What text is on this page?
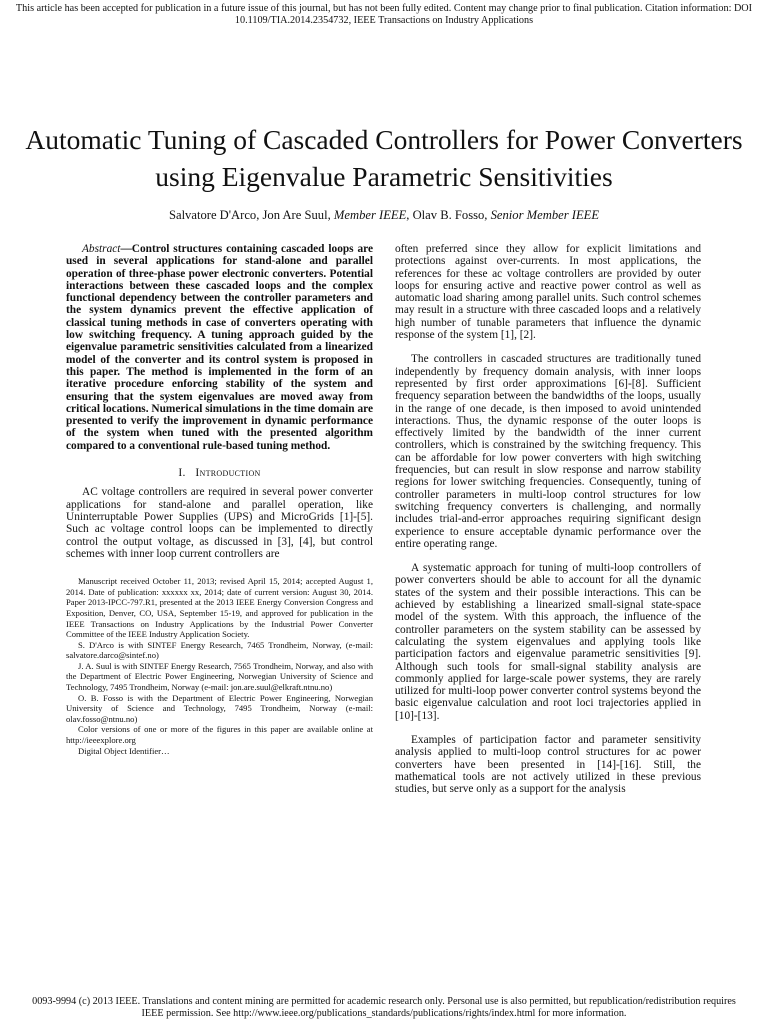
This article has been accepted for publication in a future issue of this journal, but has not been fully edited. Content may change prior to final publication. Citation information: DOI 10.1109/TIA.2014.2354732, IEEE Transactions on Industry Applications
Automatic Tuning of Cascaded Controllers for Power Converters using Eigenvalue Parametric Sensitivities
Salvatore D'Arco, Jon Are Suul, Member IEEE, Olav B. Fosso, Senior Member IEEE

Abstract—Control structures containing cascaded loops are used in several applications for stand-alone and parallel operation of three-phase power electronic converters. Potential interactions between these cascaded loops and the complex functional dependency between the controller parameters and the system dynamics prevent the effective application of classical tuning methods in case of converters operating with low switching frequency. A tuning approach guided by the eigenvalue parametric sensitivities calculated from a linearized model of the converter and its control system is proposed in this paper. The method is implemented in the form of an iterative procedure enforcing stability of the system and ensuring that the system eigenvalues are moved away from critical locations. Numerical simulations in the time domain are presented to verify the improvement in dynamic performance of the system when tuned with the presented algorithm compared to a conventional rule-based tuning method.

I. Introduction

AC voltage controllers are required in several power converter applications for stand-alone and parallel operation, like Uninterruptable Power Supplies (UPS) and MicroGrids [1]-[5]. Such ac voltage control loops can be implemented to directly control the output voltage, as discussed in [3], [4], but control schemes with inner loop current controllers are

Manuscript received October 11, 2013; revised April 15, 2014; accepted August 1, 2014. Date of publication: xxxxxx xx, 2014; date of current version: August 30, 2014. Paper 2013-IPCC-797.R1, presented at the 2013 IEEE Energy Conversion Congress and Exposition, Denver, CO, USA, September 15-19, and approved for publication in the IEEE Transactions on Industry Applications by the Industrial Power Converter Committee of the IEEE Industry Application Society.

S. D'Arco is with SINTEF Energy Research, 7465 Trondheim, Norway, (e-mail: salvatore.darco@sintef.no)

J. A. Suul is with SINTEF Energy Research, 7565 Trondheim, Norway, and also with the Department of Electric Power Engineering, Norwegian University of Science and Technology, 7495 Trondheim, Norway (e-mail: jon.are.suul@elkraft.ntnu.no)

O. B. Fosso is with the Department of Electric Power Engineering, Norwegian University of Science and Technology, 7495 Trondheim, Norway (e-mail: olav.fosso@ntnu.no)

Color versions of one or more of the figures in this paper are available online at http://ieeexplore.org

Digital Object Identifier…

often preferred since they allow for explicit limitations and protections against over-currents. In most applications, the references for these ac voltage controllers are provided by outer loops for ensuring active and reactive power control as well as automatic load sharing among parallel units. Such control schemes may result in a structure with three cascaded loops and a relatively high number of tunable parameters that influence the dynamic response of the system [1], [2].

The controllers in cascaded structures are traditionally tuned independently by frequency domain analysis, with inner loops represented by first order approximations [6]-[8]. Sufficient frequency separation between the bandwidths of the loops, usually in the range of one decade, is then imposed to avoid unintended interactions. Thus, the dynamic response of the outer loops is effectively limited by the bandwidth of the inner current controllers, which is constrained by the switching frequency. This can be affordable for low power converters with high switching frequencies, but can result in slow response and narrow stability regions for lower switching frequencies. Consequently, tuning of controller parameters in multi-loop control structures for low switching frequency converters is challenging, and normally includes trial-and-error approaches requiring significant design experience to ensure acceptable dynamic performance over the entire operating range.

A systematic approach for tuning of multi-loop controllers of power converters should be able to account for all the dynamic states of the system and their possible interactions. This can be achieved by establishing a linearized small-signal state-space model of the system. With this approach, the influence of the controller parameters on the system stability can be assessed by calculating the system eigenvalues and applying tools like participation factors and eigenvalue parametric sensitivities [9]. Although such tools for small-signal stability analysis are commonly applied for large-scale power systems, they are rarely utilized for multi-loop power converter control systems beyond the basic eigenvalue calculation and root loci trajectories applied in [10]-[13].

Examples of participation factor and parameter sensitivity analysis applied to multi-loop control structures for ac power converters have been presented in [14]-[16]. Still, the mathematical tools are not actively utilized in these previous studies, but serve only as a support for the analysis

0093-9994 (c) 2013 IEEE. Translations and content mining are permitted for academic research only. Personal use is also permitted, but republication/redistribution requires IEEE permission. See http://www.ieee.org/publications_standards/publications/rights/index.html for more information.
